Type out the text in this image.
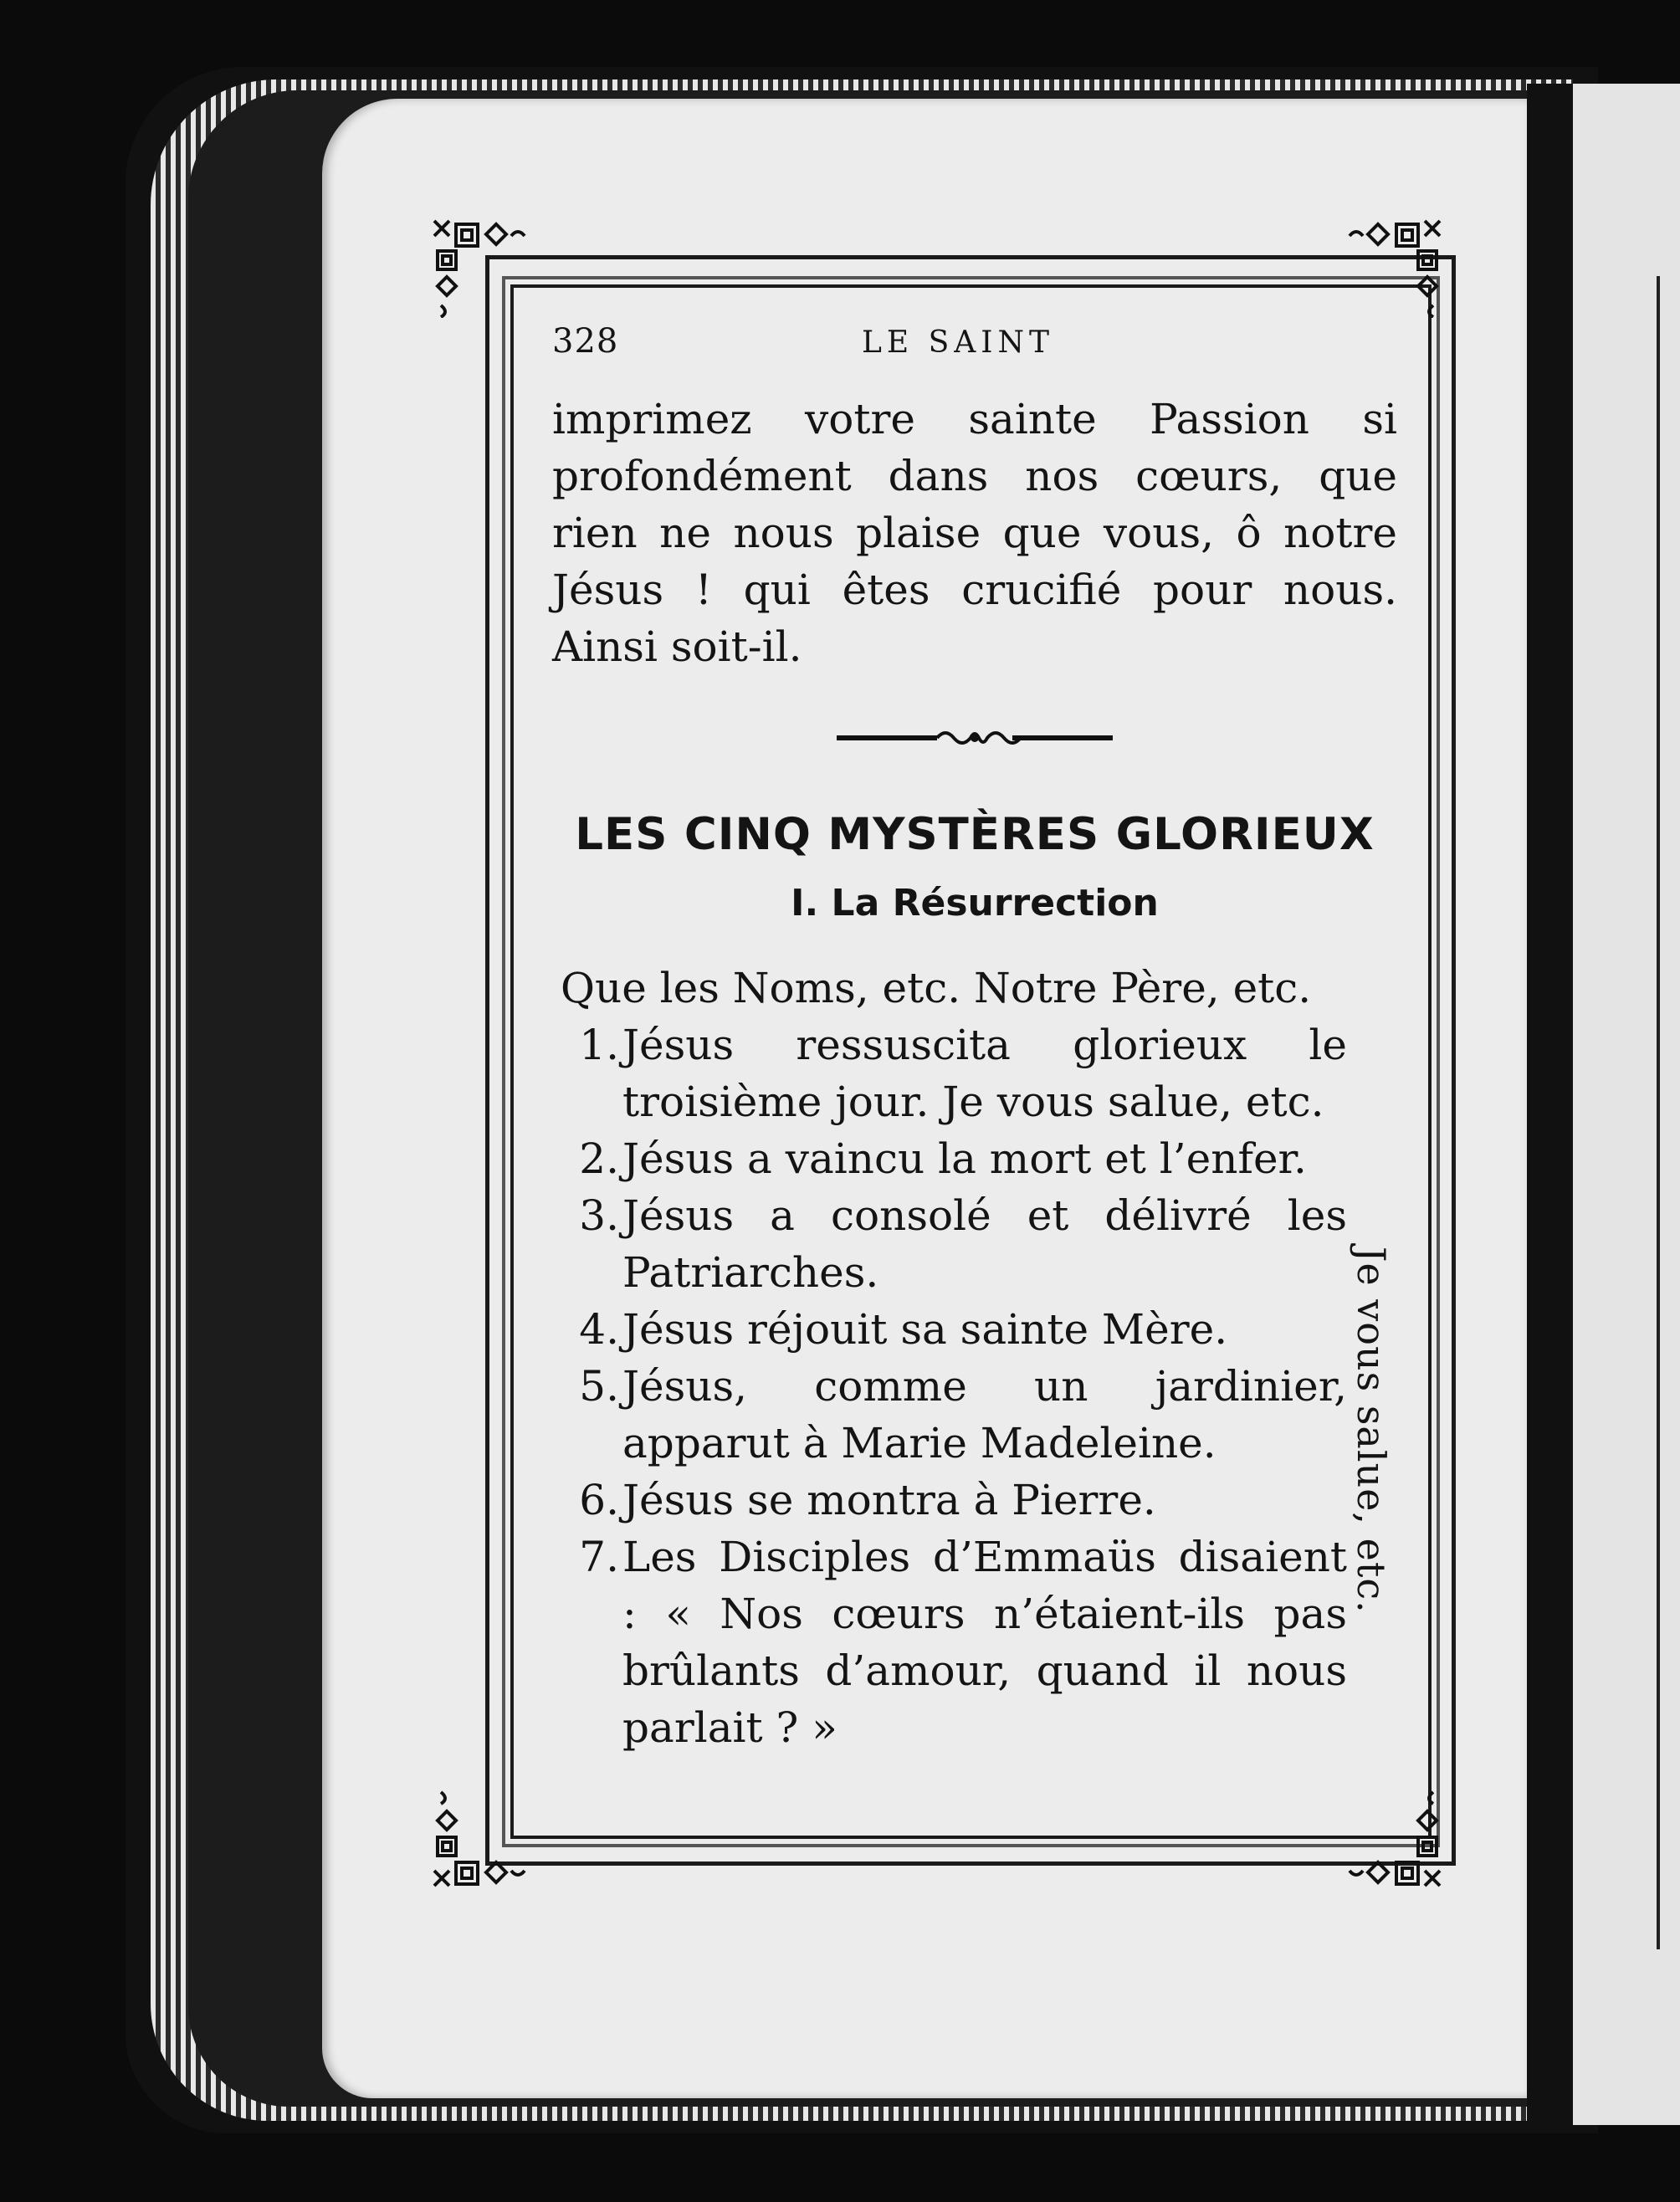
328	LE SAINT

imprimez votre sainte Passion si profondément dans nos cœurs, que rien ne nous plaise que vous, ô notre Jésus ! qui êtes crucifié pour nous. Ainsi soit-il.

LES CINQ MYSTÈRES GLORIEUX
I. La Résurrection
Que les Noms, etc. Notre Père, etc.
1. Jésus ressuscita glorieux le troisième jour. Je vous salue, etc.
2. Jésus a vaincu la mort et l’enfer.
3. Jésus a consolé et délivré les Patriarches.
4. Jésus réjouit sa sainte Mère.
5. Jésus, comme un jardinier, apparut à Marie Madeleine.
6. Jésus se montra à Pierre.
7. Les Disciples d’Emmaüs disaient : « Nos cœurs n’étaient-ils pas brûlants d’amour, quand il nous parlait ? »
Je vous salue, etc.
